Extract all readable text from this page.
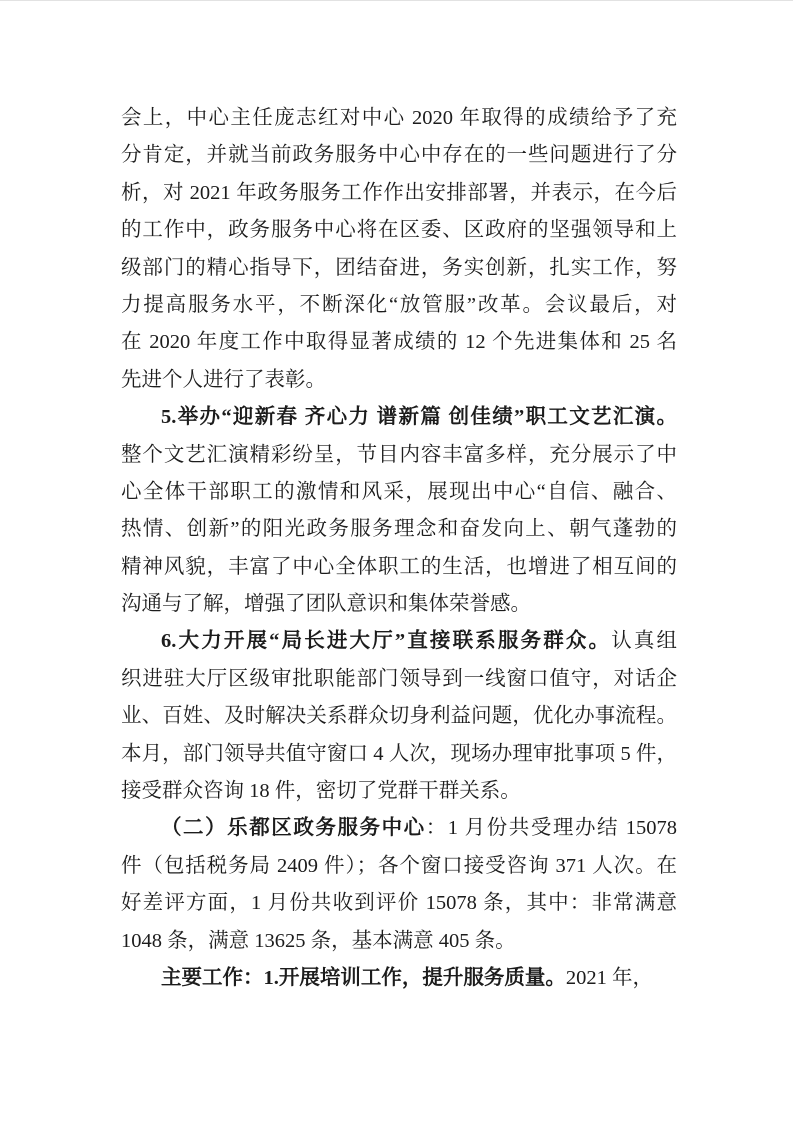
会上，中心主任庞志红对中心 2020 年取得的成绩给予了充
分肯定，并就当前政务服务中心中存在的一些问题进行了分
析，对 2021 年政务服务工作作出安排部署，并表示，在今后
的工作中，政务服务中心将在区委、区政府的坚强领导和上
级部门的精心指导下，团结奋进，务实创新，扎实工作，努
力提高服务水平，不断深化“放管服”改革。会议最后，对
在 2020 年度工作中取得显著成绩的 12 个先进集体和 25 名
先进个人进行了表彰。
5.举办“迎新春 齐心力 谱新篇 创佳绩”职工文艺汇演。
整个文艺汇演精彩纷呈，节目内容丰富多样，充分展示了中
心全体干部职工的激情和风采，展现出中心“自信、融合、
热情、创新”的阳光政务服务理念和奋发向上、朝气蓬勃的
精神风貌，丰富了中心全体职工的生活，也增进了相互间的
沟通与了解，增强了团队意识和集体荣誉感。
6.大力开展“局长进大厅”直接联系服务群众。认真组
织进驻大厅区级审批职能部门领导到一线窗口值守，对话企
业、百姓、及时解决关系群众切身利益问题，优化办事流程。
本月，部门领导共值守窗口 4 人次，现场办理审批事项 5 件，
接受群众咨询 18 件，密切了党群干群关系。
（二）乐都区政务服务中心：1 月份共受理办结 15078
件（包括税务局 2409 件）；各个窗口接受咨询 371 人次。在
好差评方面，1 月份共收到评价 15078 条，其中：非常满意
1048 条，满意 13625 条，基本满意 405 条。
主要工作：1.开展培训工作，提升服务质量。2021 年，
